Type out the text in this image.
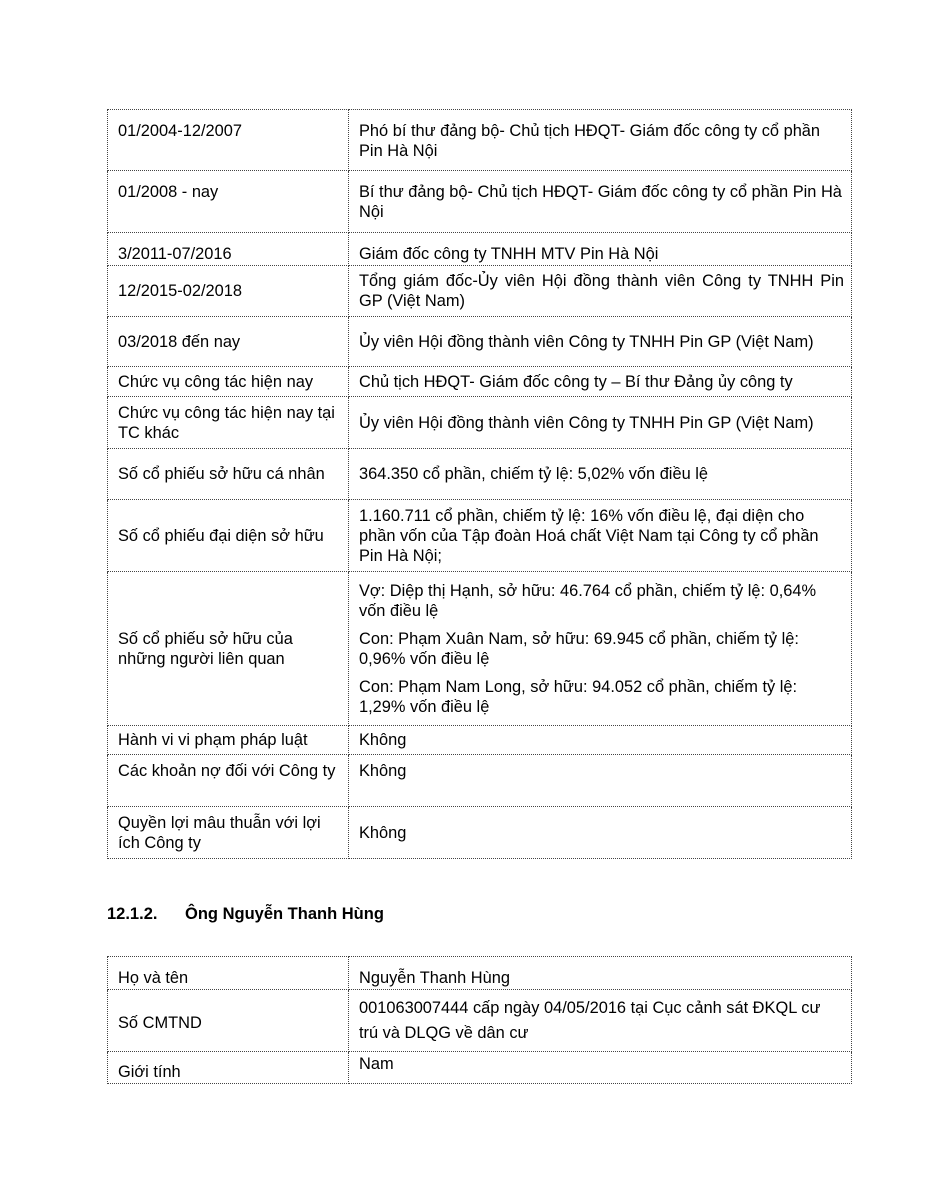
01/2004-12/2007	Phó bí thư đảng bộ- Chủ tịch HĐQT- Giám đốc công ty cổ phần Pin Hà Nội

01/2008 - nay	Bí thư đảng bộ- Chủ tịch HĐQT- Giám đốc công ty cổ phần Pin Hà Nội

3/2011-07/2016	Giám đốc công ty TNHH MTV Pin Hà Nội

12/2015-02/2018	Tổng giám đốc-Ủy viên Hội đồng thành viên Công ty TNHH Pin GP (Việt Nam)

03/2018 đến nay	Ủy viên Hội đồng thành viên Công ty TNHH Pin GP (Việt Nam)

Chức vụ công tác hiện nay	Chủ tịch HĐQT- Giám đốc công ty – Bí thư Đảng ủy công ty

Chức vụ công tác hiện nay tại TC khác	Ủy viên Hội đồng thành viên Công ty TNHH Pin GP (Việt Nam)

Số cổ phiếu sở hữu cá nhân	364.350 cổ phần, chiếm tỷ lệ: 5,02% vốn điều lệ

Số cổ phiếu đại diện sở hữu	1.160.711 cổ phần, chiếm tỷ lệ: 16% vốn điều lệ, đại diện cho phần vốn của Tập đoàn Hoá chất Việt Nam tại Công ty cổ phần Pin Hà Nội;

Số cổ phiếu sở hữu của những người liên quan	Vợ: Diệp thị Hạnh, sở hữu: 46.764 cổ phần, chiếm tỷ lệ: 0,64% vốn điều lệ
Con: Phạm Xuân Nam, sở hữu: 69.945 cổ phần, chiếm tỷ lệ: 0,96% vốn điều lệ
Con: Phạm Nam Long, sở hữu: 94.052 cổ phần, chiếm tỷ lệ: 1,29% vốn điều lệ

Hành vi vi phạm pháp luật	Không

Các khoản nợ đối với Công ty	Không

Quyền lợi mâu thuẫn với lợi ích Công ty	Không
12.1.2. Ông Nguyễn Thanh Hùng
Họ và tên	Nguyễn Thanh Hùng

Số CMTND	001063007444 cấp ngày 04/05/2016 tại Cục cảnh sát ĐKQL cư trú và DLQG về dân cư

Giới tính	Nam
